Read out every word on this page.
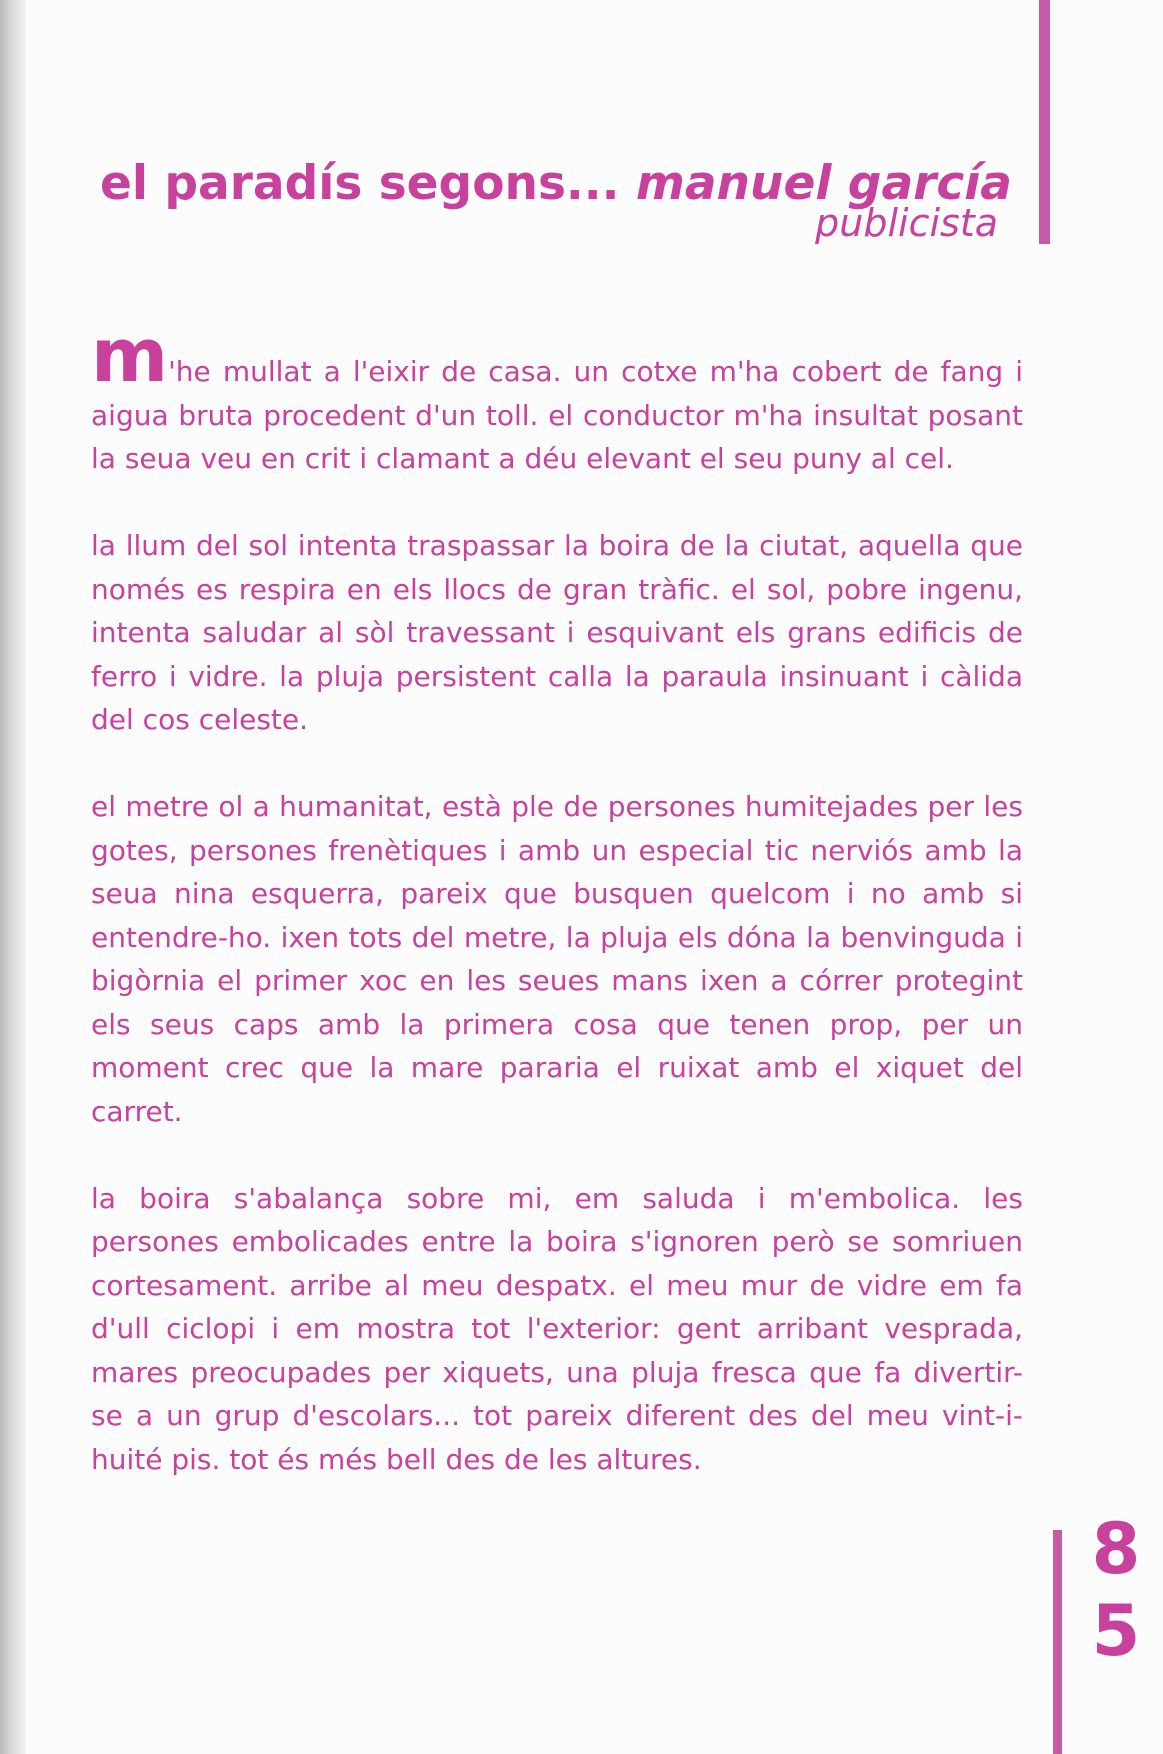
el paradís segons... manuel garcía
publicista

m'he mullat a l'eixir de casa. un cotxe m'ha cobert de fang i aigua bruta procedent d'un toll. el conductor m'ha insultat posant la seua veu en crit i clamant a déu elevant el seu puny al cel.

la llum del sol intenta traspassar la boira de la ciutat, aquella que només es respira en els llocs de gran tràfic. el sol, pobre ingenu, intenta saludar al sòl travessant i esquivant els grans edificis de ferro i vidre. la pluja persistent calla la paraula insinuant i càlida del cos celeste.

el metre ol a humanitat, està ple de persones humitejades per les gotes, persones frenètiques i amb un especial tic nerviós amb la seua nina esquerra, pareix que busquen quelcom i no amb si entendre-ho. ixen tots del metre, la pluja els dóna la benvinguda i bigòrnia el primer xoc en les seues mans ixen a córrer protegint els seus caps amb la primera cosa que tenen prop, per un moment crec que la mare pararia el ruixat amb el xiquet del carret.

la boira s'abalança sobre mi, em saluda i m'embolica. les persones embolicades entre la boira s'ignoren però se somriuen cortesament. arribe al meu despatx. el meu mur de vidre em fa d'ull ciclopi i em mostra tot l'exterior: gent arribant vesprada, mares preocupades per xiquets, una pluja fresca que fa divertir-se a un grup d'escolars... tot pareix diferent des del meu vint-i-huité pis. tot és més bell des de les altures.

8
5
